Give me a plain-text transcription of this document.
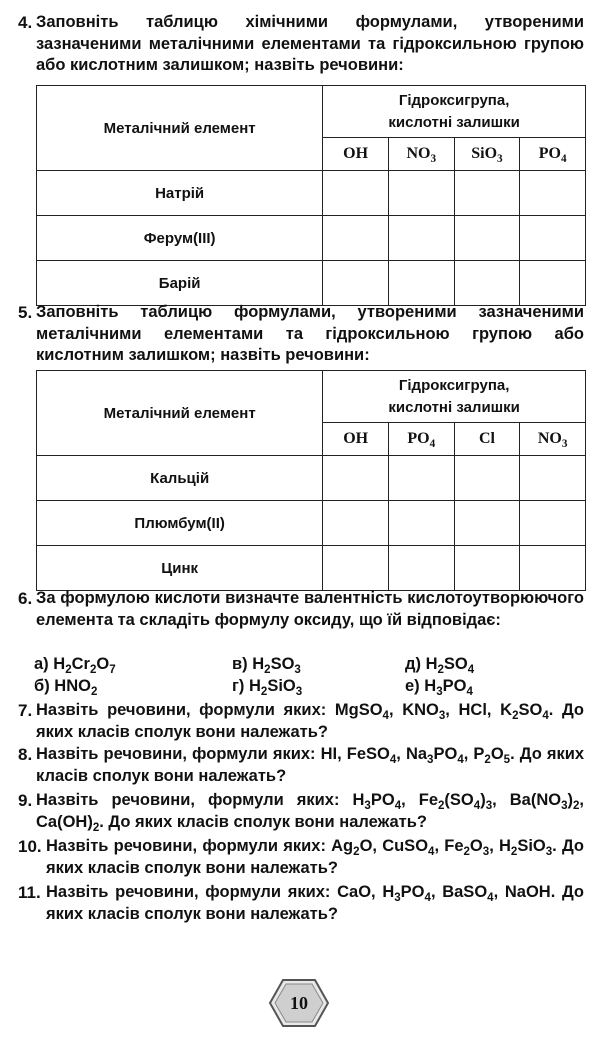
4. Заповніть таблицю хімічними формулами, утвореними зазначеними металічними елементами та гідроксильною групою або кислотним залишком; назвіть речовини:
Металічний елемент	Гідроксигрупа,
кислотні залишки			

	OH	$NO_3$	SiO$_3$	$PO_4$
Натрій				
Ферум(III)				
Барій				
5. Заповніть таблицю формулами, утвореними зазначеними металічними елементами та гідроксильною групою або кислотним залишком; назвіть речовини:
Металічний елемент	Гідроксигрупа,
кислотні залишки			

	OH	$PO_4$	Cl	$NO_3$
Кальцій				
Плюмбум(II)				
Цинк				
6. За формулою кислоти визначте валентність кислотоутворюючого елемента та складіть формулу оксиду, що їй відповідає:
а) $H_2Cr_2O_7$	в) $H_2SO_3$	д) $H_2SO_4$
б) $HNO_2$	г) $H_2SiO_3$	е) $H_3PO_4$
7. Назвіть речовини, формули яких: MgSO$_4$, $KNO_3$, HCl, $K_2SO_4$. До яких класів сполук вони належать?
8. Назвіть речовини, формули яких: HI, FeSO$_4$, $Na_3PO_4$, $P_2O_5$. До яких класів сполук вони належать?
9. Назвіть речовини, формули яких: $H_3PO_4$, $Fe_2(SO_4)_3$, $Ba(NO_3)_2$, $Ca(OH)_2$. До яких класів сполук вони належать?
10. Назвіть речовини, формули яких: $Ag_2O$, CuSO$_4$, $Fe_2O_3$, $H_2SiO_3$. До яких класів сполук вони належать?
11. Назвіть речовини, формули яких: CaO, $H_3PO_4$, BaSO$_4$, NaOH. До яких класів сполук вони належать?
10
